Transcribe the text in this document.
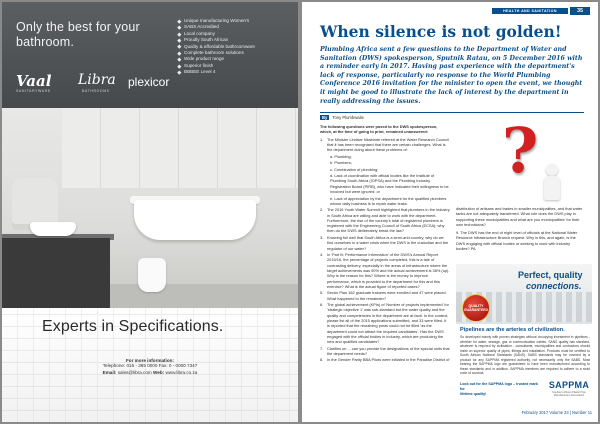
Only the best for your
bathroom.
Vaal
SANITARYWARE
Libra
BATHROOMS
plexicor
Unique manufacturing Women's
SABS Accredited
Local company
Proudly South African
Quality & affordable bathroomware
Complete bathroom solutions
Wide product range
Superior finish
BBBEE Level 4
Experts in Specifications.
For more information:
Telephone: 016 - 365 0000 Fax: 0 - 0000 7347
Email: sales@libra.com Web: www.libra.co.za
HEALTH AND SANITATION	35
When silence is not golden!
Plumbing Africa sent a few questions to the Department of Water and Sanitation (DWS) spokesperson, Sputnik Ratau, on 5 December 2016 with a reminder early in 2017. Having past experience with the department's lack of response, particularly no response to the World Plumbing Conference 2016 invitation for the minister to open the event, we thought it might be good to illustrate the lack of interest by the department in really addressing the issues.
By Tony Plumbwaite
The following questions were posed to the DWS spokesperson, which, at the time of going to print, remained unanswered:
1. The Minister Lindiwe Nkabinde referred at the Water Research Council that it has been recognised that there are certain challenges. What is the department doing about these problems of:
a. Plumbing;
b. Plumbers;
c. Combination of plumbing;
d. Lack of coordination with official bodies like the Institute of Plumbing South Africa (IOPSA) and the Plumbing Industry Registration Board (PIRB), who have indicated their willingness to be involved but were ignored; or
e. Lack of appreciation by the department for the qualified plumbers whose daily business is to repair water leaks.
2. The 2016 Youth Water Summit highlighted that plumbers in the industry in South Africa are willing and able to work with the department. Furthermore, the rise of the country's total of registered plumbers is registered with the Engineering Council of South Africa (ECSA); why then do the DWS deliberately break the law?
3. Knowing full well that South Africa is a semi-arid country, why do we find ourselves in a water crisis when the DWS is the custodian and the regulator of our water?
4. In 'Part B: Performance Information' of the DWS's Annual Report 2015/16, the percentage of projects completed, this is a tale of contrasting delivery, especially in the areas of infrastructure where the target achievements was 90% and the actual achievement is 36% (up). Why is the reason for this? Where is the money to improve performance, which is provided to the department for this and this exercise? What is the actual figure of reported cases?
5. Sector Plan 162 graduate trainees were enrolled and 47 were placed. What happened to the remainder?
6. The global achievement (KPIs) of 'Number of projects implemented' for 'strategic objective 1' was sub-standard but the water quality and the quality and competencies in the department are at fault. In the context, please list all of the 2015 applications submitted, and 33 were filled. It is reported that the remaining posts could not be filled 'as the department could not attract the required candidates'. Has the DWS engaged with the official bodies in industry, which are producing the new and qualified candidates?
7. Clarifies on ... can you provide the designations of the special units that the department needs?
8. In the Gender Parity BBA Pilots were initiated in the Paradise District of
?

distribution of artisans and trades in smaller municipalities, and that water tanks are not adequately transferred. What role does the DWS play in supporting these municipalities and what are you municipalities' for their own technicians?

9. The DWS has the end of eight level of officials at the National Water Resource Infrastructure Branch request. Why is this, and again, is the DWS engaging with official bodies or seeking to work with industry bodies? PA

Perfect, quality
connections.
QUALITY GUARANTEED
Pipelines are the arteries of civilization.
So developed mainly with proven strategies without occupying investment in pipelines - whether for water, sewage, gas or communication cables, SANS quality has standard, whatever is required by civilisation - consultants, municipalities and contractors should insist on superior quality of pipes, fittings and installation. Products must be certified to South African National Standards (SANS). SABS standards may be covered by a product for any SAPPMA registered authority, not necessarily only the SABS. Most bearing the SAPPMA logo are guaranteed to have been manufactured according to these standards and in addition, SAPPMA members are required to adhere to a strict code of conduct.
Look out for the SAPPMA logo – trusted mark for
lifetime quality!
SAPPMA
Southern African Plastic Pipe Manufacturers Association
February 2017 Volume 23 | Number 11
